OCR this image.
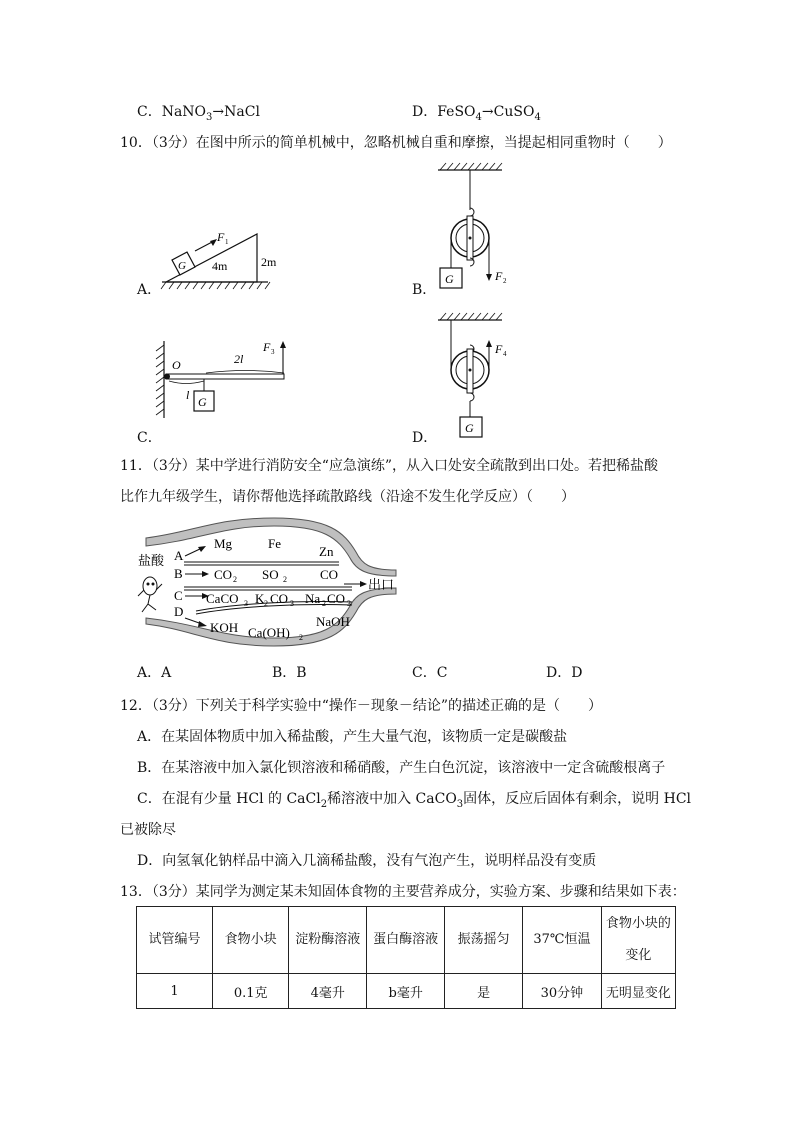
C．NaNO$_3$→NaCl	D．FeSO$_4$→CuSO$_4$
10．（3分）在图中所示的简单机械中，忽略机械自重和摩擦，当提起相同重物时（　　）
A．
G
F 1
4m	2m
B．
G	F 2
C．
O
G
l
2l
F 3
D．
F 4
G
11．（3分）某中学进行消防安全“应急演练”，从入口处安全疏散到出口处。若把稀盐酸
比作九年级学生，请你帮他选择疏散路线（沿途不发生化学反应）（　　）
出口
盐酸 A
B
C
D
Mg	Fe
Zn
CO 2 SO 2	CO
CaCO 3 K 2 CO 3 Na 2 CO 3
KOH Ca(OH) 2
NaOH
A．A	B．B	C．C	D．D
12．（3分）下列关于科学实验中“操作－现象－结论”的描述正确的是（　　）
A．在某固体物质中加入稀盐酸，产生大量气泡，该物质一定是碳酸盐
B．在某溶液中加入氯化钡溶液和稀硝酸，产生白色沉淀，该溶液中一定含硫酸根离子
C．在混有少量 HCl 的 CaCl$_2$稀溶液中加入 CaCO$_3$固体，反应后固体有剩余，说明 HCl
已被除尽
D．向氢氧化钠样品中滴入几滴稀盐酸，没有气泡产生，说明样品没有变质
13．（3分）某同学为测定某未知固体食物的主要营养成分，实验方案、步骤和结果如下表：
试管编号	食物小块	淀粉酶溶液	蛋白酶溶液	振荡摇匀	37℃恒温	食物小块的变化
1	0.1克	4毫升	b毫升	是	30分钟	无明显变化
